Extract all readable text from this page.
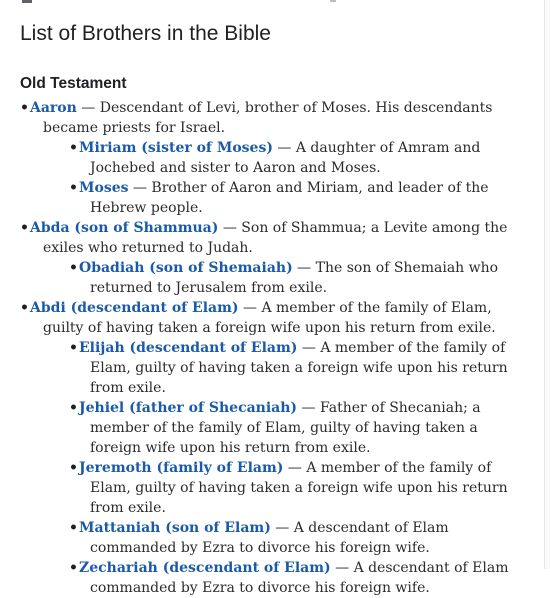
List of Brothers in the Bible
Old Testament
•Aaron — Descendant of Levi, brother of Moses. His descendants became priests for Israel.
•Miriam (sister of Moses) — A daughter of Amram and Jochebed and sister to Aaron and Moses.
•Moses — Brother of Aaron and Miriam, and leader of the Hebrew people.
•Abda (son of Shammua) — Son of Shammua; a Levite among the exiles who returned to Judah.
•Obadiah (son of Shemaiah) — The son of Shemaiah who returned to Jerusalem from exile.
•Abdi (descendant of Elam) — A member of the family of Elam, guilty of having taken a foreign wife upon his return from exile.
•Elijah (descendant of Elam) — A member of the family of Elam, guilty of having taken a foreign wife upon his return from exile.
•Jehiel (father of Shecaniah) — Father of Shecaniah; a member of the family of Elam, guilty of having taken a foreign wife upon his return from exile.
•Jeremoth (family of Elam) — A member of the family of Elam, guilty of having taken a foreign wife upon his return from exile.
•Mattaniah (son of Elam) — A descendant of Elam commanded by Ezra to divorce his foreign wife.
•Zechariah (descendant of Elam) — A descendant of Elam commanded by Ezra to divorce his foreign wife.
